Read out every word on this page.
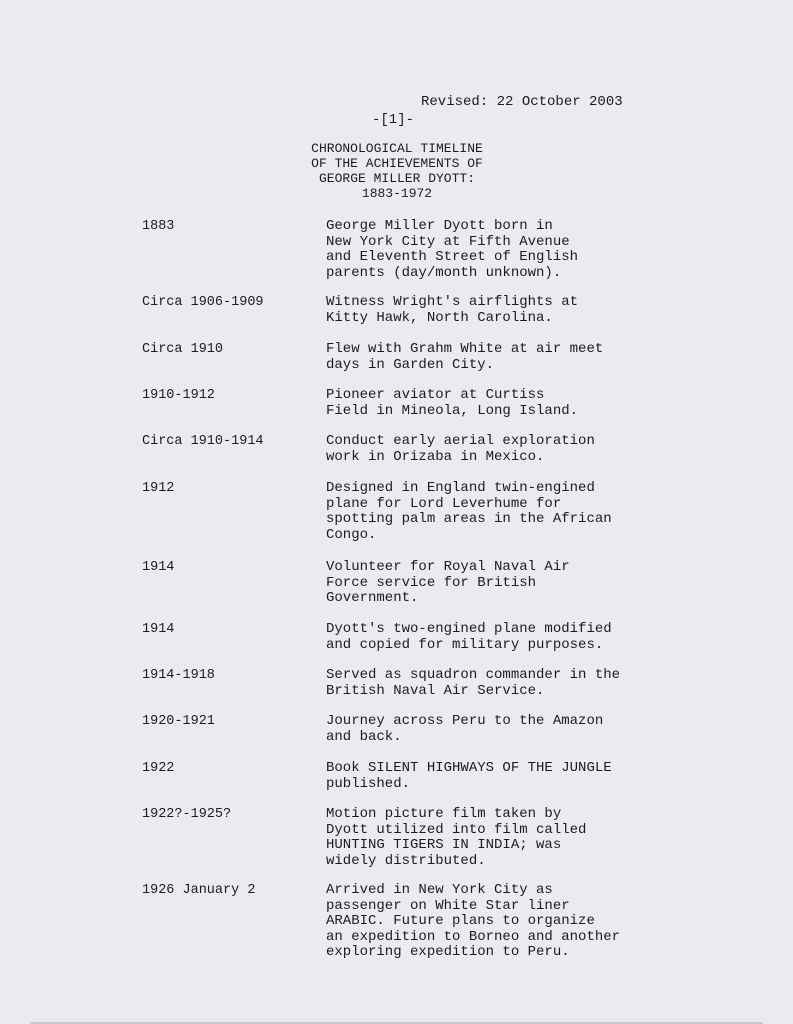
Revised: 22 October 2003
-[1]-
CHRONOLOGICAL TIMELINE
OF THE ACHIEVEMENTS OF
GEORGE MILLER DYOTT:
1883-1972
1883	George Miller Dyott born in
New York City at Fifth Avenue
and Eleventh Street of English
parents (day/month unknown).
Circa 1906-1909	Witness Wright's airflights at
Kitty Hawk, North Carolina.
Circa 1910	Flew with Grahm White at air meet
days in Garden City.
1910-1912	Pioneer aviator at Curtiss
Field in Mineola, Long Island.
Circa 1910-1914	Conduct early aerial exploration
work in Orizaba in Mexico.
1912	Designed in England twin-engined
plane for Lord Leverhume for
spotting palm areas in the African
Congo.
1914	Volunteer for Royal Naval Air
Force service for British
Government.
1914	Dyott's two-engined plane modified
and copied for military purposes.
1914-1918	Served as squadron commander in the
British Naval Air Service.
1920-1921	Journey across Peru to the Amazon
and back.
1922	Book SILENT HIGHWAYS OF THE JUNGLE
published.
1922?-1925?	Motion picture film taken by
Dyott utilized into film called
HUNTING TIGERS IN INDIA; was
widely distributed.
1926 January 2	Arrived in New York City as
passenger on White Star liner
ARABIC. Future plans to organize
an expedition to Borneo and another
exploring expedition to Peru.
